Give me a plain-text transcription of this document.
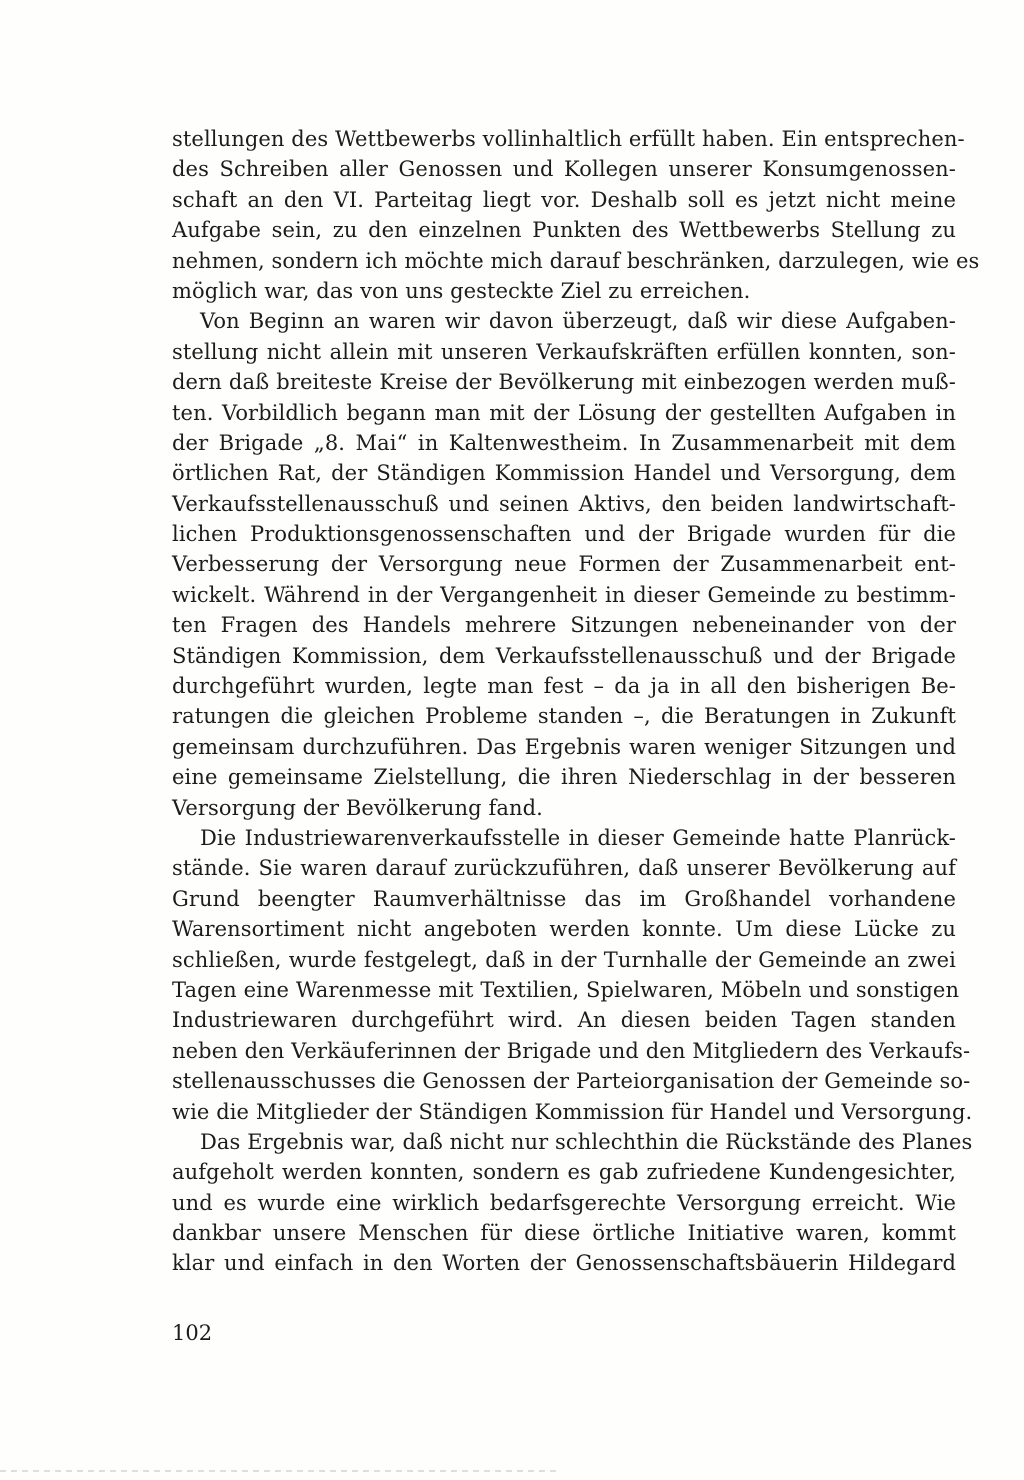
stellungen des Wettbewerbs vollinhaltlich erfüllt haben. Ein entsprechen-
des Schreiben aller Genossen und Kollegen unserer Konsumgenossen-
schaft an den VI. Parteitag liegt vor. Deshalb soll es jetzt nicht meine
Aufgabe sein, zu den einzelnen Punkten des Wettbewerbs Stellung zu
nehmen, sondern ich möchte mich darauf beschränken, darzulegen, wie es
möglich war, das von uns gesteckte Ziel zu erreichen.
Von Beginn an waren wir davon überzeugt, daß wir diese Aufgaben-
stellung nicht allein mit unseren Verkaufskräften erfüllen konnten, son-
dern daß breiteste Kreise der Bevölkerung mit einbezogen werden muß-
ten. Vorbildlich begann man mit der Lösung der gestellten Aufgaben in
der Brigade „8. Mai“ in Kaltenwestheim. In Zusammenarbeit mit dem
örtlichen Rat, der Ständigen Kommission Handel und Versorgung, dem
Verkaufsstellenausschuß und seinen Aktivs, den beiden landwirtschaft-
lichen Produktionsgenossenschaften und der Brigade wurden für die
Verbesserung der Versorgung neue Formen der Zusammenarbeit ent-
wickelt. Während in der Vergangenheit in dieser Gemeinde zu bestimm-
ten Fragen des Handels mehrere Sitzungen nebeneinander von der
Ständigen Kommission, dem Verkaufsstellenausschuß und der Brigade
durchgeführt wurden, legte man fest – da ja in all den bisherigen Be-
ratungen die gleichen Probleme standen –, die Beratungen in Zukunft
gemeinsam durchzuführen. Das Ergebnis waren weniger Sitzungen und
eine gemeinsame Zielstellung, die ihren Niederschlag in der besseren
Versorgung der Bevölkerung fand.
Die Industriewarenverkaufsstelle in dieser Gemeinde hatte Planrück-
stände. Sie waren darauf zurückzuführen, daß unserer Bevölkerung auf
Grund beengter Raumverhältnisse das im Großhandel vorhandene
Warensortiment nicht angeboten werden konnte. Um diese Lücke zu
schließen, wurde festgelegt, daß in der Turnhalle der Gemeinde an zwei
Tagen eine Warenmesse mit Textilien, Spielwaren, Möbeln und sonstigen
Industriewaren durchgeführt wird. An diesen beiden Tagen standen
neben den Verkäuferinnen der Brigade und den Mitgliedern des Verkaufs-
stellenausschusses die Genossen der Parteiorganisation der Gemeinde so-
wie die Mitglieder der Ständigen Kommission für Handel und Versorgung.
Das Ergebnis war, daß nicht nur schlechthin die Rückstände des Planes
aufgeholt werden konnten, sondern es gab zufriedene Kundengesichter,
und es wurde eine wirklich bedarfsgerechte Versorgung erreicht. Wie
dankbar unsere Menschen für diese örtliche Initiative waren, kommt
klar und einfach in den Worten der Genossenschaftsbäuerin Hildegard
102
